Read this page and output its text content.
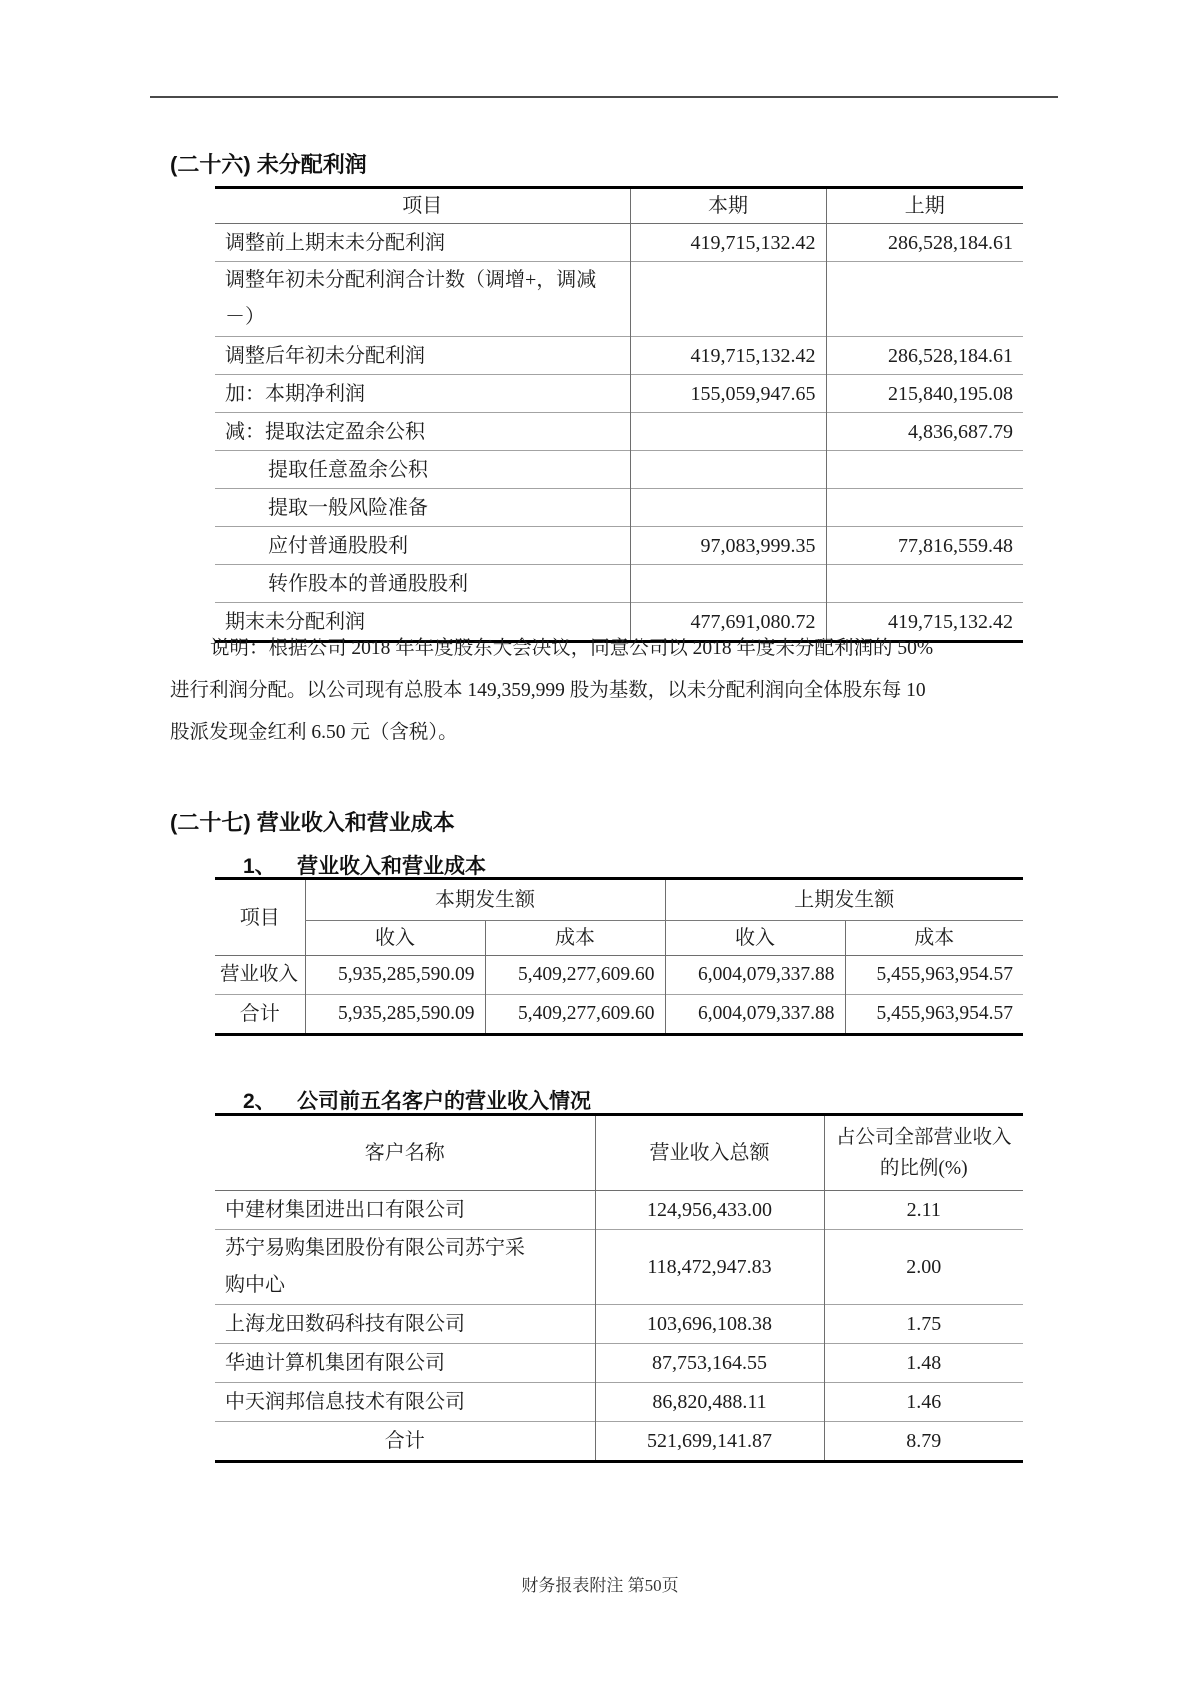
(二十六) 未分配利润
项目	本期	上期
调整前上期末未分配利润	419,715,132.42	286,528,184.61
调整年初未分配利润合计数（调增+，调减－）		
调整后年初未分配利润	419,715,132.42	286,528,184.61
加：本期净利润	155,059,947.65	215,840,195.08
减：提取法定盈余公积		4,836,687.79
提取任意盈余公积		
提取一般风险准备		
应付普通股股利	97,083,999.35	77,816,559.48
转作股本的普通股股利		
期末未分配利润	477,691,080.72	419,715,132.42
说明：根据公司 2018 年年度股东大会决议，同意公司以 2018 年度未分配利润的 50%
进行利润分配。以公司现有总股本 149,359,999 股为基数，以未分配利润向全体股东每 10
股派发现金红利 6.50 元（含税）。
(二十七) 营业收入和营业成本
1、 营业收入和营业成本
项目	本期发生额		上期发生额	
	收入	成本	收入	成本
营业收入	5,935,285,590.09	5,409,277,609.60	6,004,079,337.88	5,455,963,954.57
合计	5,935,285,590.09	5,409,277,609.60	6,004,079,337.88	5,455,963,954.57
2、 公司前五名客户的营业收入情况
客户名称	营业收入总额	占公司全部营业收入
的比例(%)

中建材集团进出口有限公司	124,956,433.00	2.11
苏宁易购集团股份有限公司苏宁采购中心	118,472,947.83	2.00
上海龙田数码科技有限公司	103,696,108.38	1.75
华迪计算机集团有限公司	87,753,164.55	1.48
中天润邦信息技术有限公司	86,820,488.11	1.46
合计	521,699,141.87	8.79
财务报表附注 第50页
